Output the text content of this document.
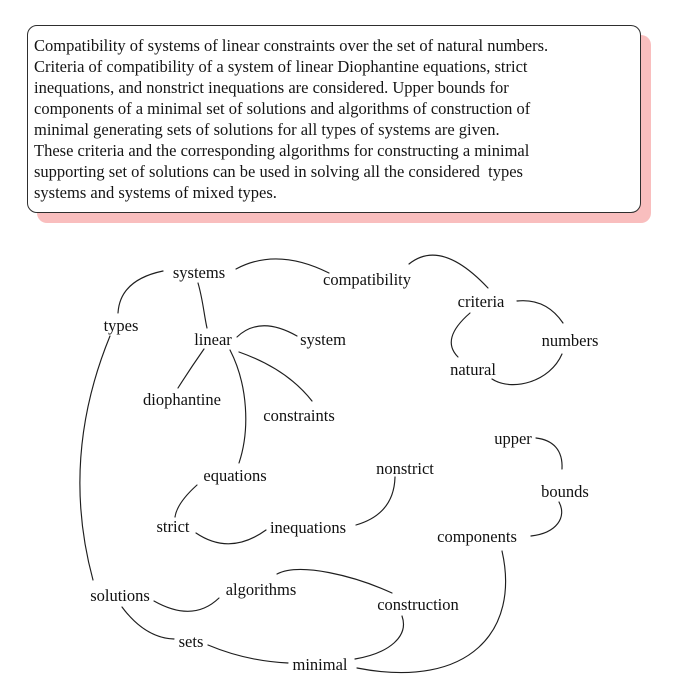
Compatibility of systems of linear constraints over the set of natural numbers.
Criteria of compatibility of a system of linear Diophantine equations, strict
inequations, and nonstrict inequations are considered. Upper bounds for
components of a minimal set of solutions and algorithms of construction of
minimal generating sets of solutions for all types of systems are given.
These criteria and the corresponding algorithms for constructing a minimal
supporting set of solutions can be used in solving all the considered  types
systems and systems of mixed types.
systems	compatibility
criteria
types
linear	system	numbers
natural
diophantine
constraints
upper
nonstrict
equations
bounds
strict	inequations	components
solutions	algorithms
construction
sets
minimal
